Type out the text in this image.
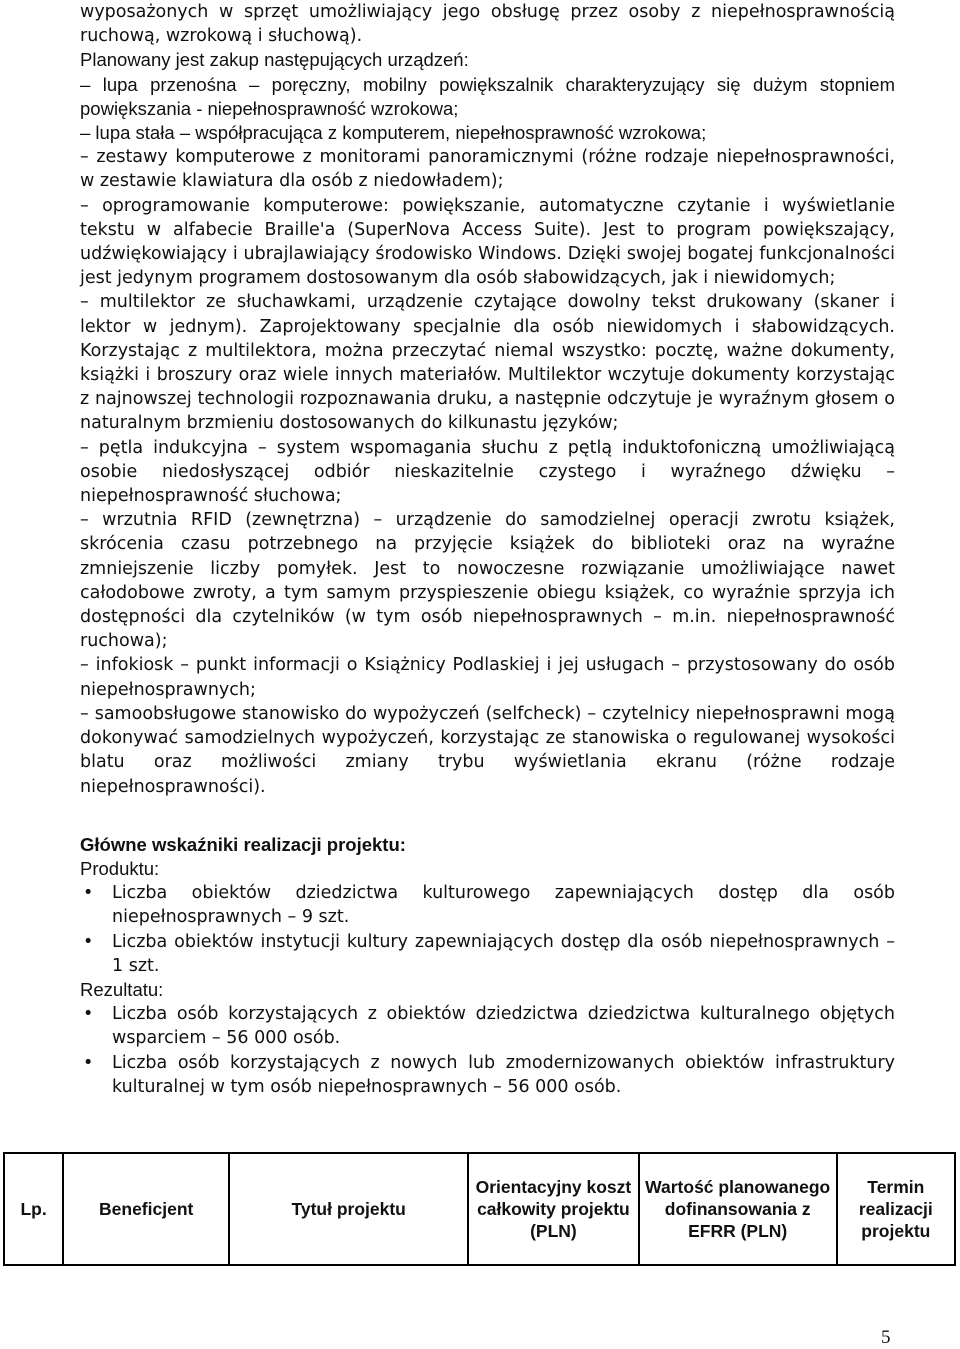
wyposażonych w sprzęt umożliwiający jego obsługę przez osoby z niepełnosprawnością ruchową, wzrokową i słuchową).

Planowany jest zakup następujących urządzeń:

– lupa przenośna – poręczny, mobilny powiększalnik charakteryzujący się dużym stopniem powiększania - niepełnosprawność wzrokowa;

– lupa stała – współpracująca z komputerem, niepełnosprawność wzrokowa;

– zestawy komputerowe z monitorami panoramicznymi (różne rodzaje niepełnosprawności, w zestawie klawiatura dla osób z niedowładem);

– oprogramowanie komputerowe: powiększanie, automatyczne czytanie i wyświetlanie tekstu w alfabecie Braille'a (SuperNova Access Suite). Jest to program powiększający, udźwiękowiający i ubrajlawiający środowisko Windows. Dzięki swojej bogatej funkcjonalności jest jedynym programem dostosowanym dla osób słabowidzących, jak i niewidomych;

– multilektor ze słuchawkami, urządzenie czytające dowolny tekst drukowany (skaner i lektor w jednym). Zaprojektowany specjalnie dla osób niewidomych i słabowidzących. Korzystając z multilektora, można przeczytać niemal wszystko: pocztę, ważne dokumenty, książki i broszury oraz wiele innych materiałów. Multilektor wczytuje dokumenty korzystając z najnowszej technologii rozpoznawania druku, a następnie odczytuje je wyraźnym głosem o naturalnym brzmieniu dostosowanych do kilkunastu języków;

– pętla indukcyjna – system wspomagania słuchu z pętlą induktofoniczną umożliwiającą osobie niedosłyszącej odbiór nieskazitelnie czystego i wyraźnego dźwięku – niepełnosprawność słuchowa;

– wrzutnia RFID (zewnętrzna) – urządzenie do samodzielnej operacji zwrotu książek, skrócenia czasu potrzebnego na przyjęcie książek do biblioteki oraz na wyraźne zmniejszenie liczby pomyłek. Jest to nowoczesne rozwiązanie umożliwiające nawet całodobowe zwroty, a tym samym przyspieszenie obiegu książek, co wyraźnie sprzyja ich dostępności dla czytelników (w tym osób niepełnosprawnych – m.in. niepełnosprawność ruchowa);

– infokiosk – punkt informacji o Książnicy Podlaskiej i jej usługach – przystosowany do osób niepełnosprawnych;

– samoobsługowe stanowisko do wypożyczeń (selfcheck) – czytelnicy niepełnosprawni mogą dokonywać samodzielnych wypożyczeń, korzystając ze stanowiska o regulowanej wysokości blatu oraz możliwości zmiany trybu wyświetlania ekranu (różne rodzaje niepełnosprawności).

Główne wskaźniki realizacji projektu:
Produktu:
• Liczba obiektów dziedzictwa kulturowego zapewniających dostęp dla osób niepełnosprawnych – 9 szt.
• Liczba obiektów instytucji kultury zapewniających dostęp dla osób niepełnosprawnych – 1 szt.
Rezultatu:
• Liczba osób korzystających z obiektów dziedzictwa dziedzictwa kulturalnego objętych wsparciem – 56 000 osób.
• Liczba osób korzystających z nowych lub zmodernizowanych obiektów infrastruktury kulturalnej w tym osób niepełnosprawnych – 56 000 osób.
Lp.	Beneficjent	Tytuł projektu	Orientacyjny koszt całkowity projektu (PLN)	Wartość planowanego dofinansowania z EFRR (PLN)	Termin realizacji projektu
5
